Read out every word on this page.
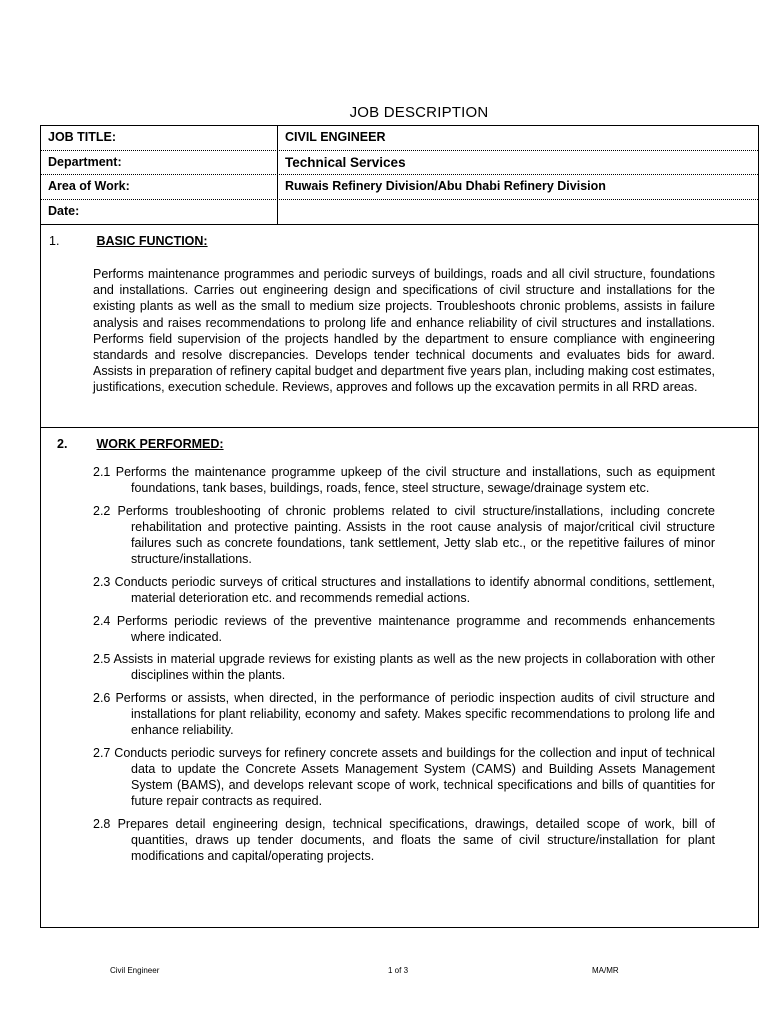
JOB DESCRIPTION
JOB TITLE:	CIVIL ENGINEER
Department:	Technical Services
Area of Work:	Ruwais Refinery Division/Abu Dhabi Refinery Division
Date:
1.	BASIC FUNCTION:

Performs maintenance programmes and periodic surveys of buildings, roads and all civil structure, foundations and installations. Carries out engineering design and specifications of civil structure and installations for the existing plants as well as the small to medium size projects. Troubleshoots chronic problems, assists in failure analysis and raises recommendations to prolong life and enhance reliability of civil structures and installations. Performs field supervision of the projects handled by the department to ensure compliance with engineering standards and resolve discrepancies. Develops tender technical documents and evaluates bids for award. Assists in preparation of refinery capital budget and department five years plan, including making cost estimates, justifications, execution schedule. Reviews, approves and follows up the excavation permits in all RRD areas.

2. WORK PERFORMED:

2.1 Performs the maintenance programme upkeep of the civil structure and installations, such as equipment foundations, tank bases, buildings, roads, fence, steel structure, sewage/drainage system etc.

2.2 Performs troubleshooting of chronic problems related to civil structure/installations, including concrete rehabilitation and protective painting. Assists in the root cause analysis of major/critical civil structure failures such as concrete foundations, tank settlement, Jetty slab etc., or the repetitive failures of minor structure/installations.

2.3 Conducts periodic surveys of critical structures and installations to identify abnormal conditions, settlement, material deterioration etc. and recommends remedial actions.

2.4 Performs periodic reviews of the preventive maintenance programme and recommends enhancements where indicated.

2.5 Assists in material upgrade reviews for existing plants as well as the new projects in collaboration with other disciplines within the plants.

2.6 Performs or assists, when directed, in the performance of periodic inspection audits of civil structure and installations for plant reliability, economy and safety. Makes specific recommendations to prolong life and enhance reliability.

2.7 Conducts periodic surveys for refinery concrete assets and buildings for the collection and input of technical data to update the Concrete Assets Management System (CAMS) and Building Assets Management System (BAMS), and develops relevant scope of work, technical specifications and bills of quantities for future repair contracts as required.

2.8 Prepares detail engineering design, technical specifications, drawings, detailed scope of work, bill of quantities, draws up tender documents, and floats the same of civil structure/installation for plant modifications and capital/operating projects.

Civil Engineer	1 of 3	MA/MR
